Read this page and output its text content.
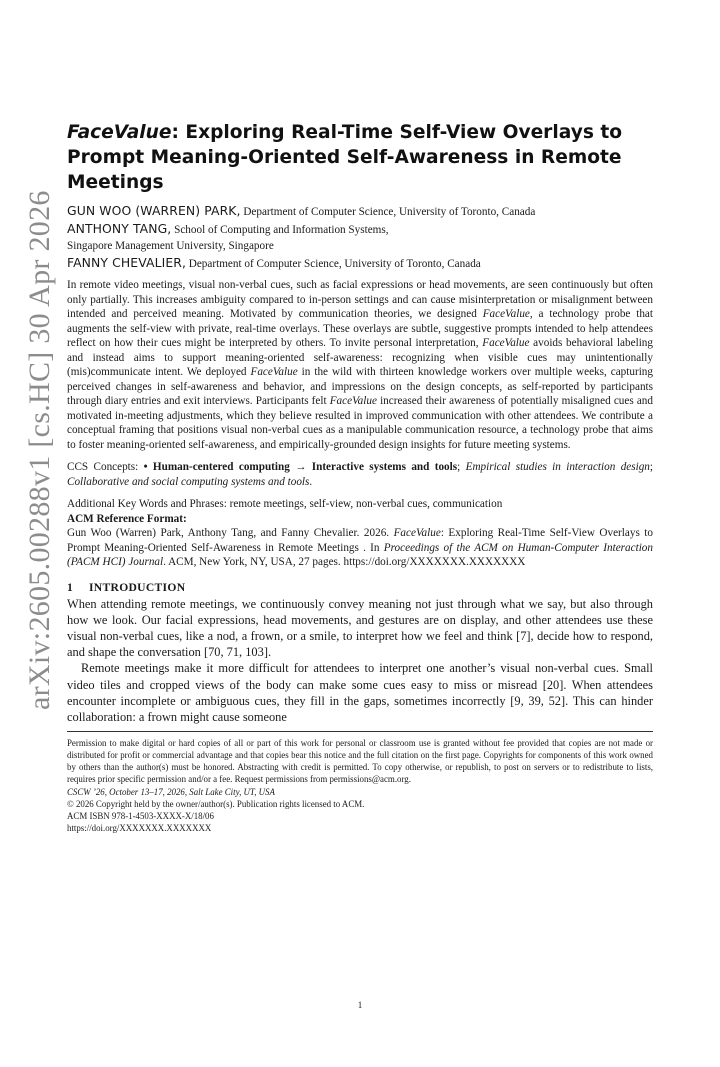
arXiv:2605.00288v1 [cs.HC] 30 Apr 2026
FaceValue: Exploring Real-Time Self-View Overlays to Prompt Meaning-Oriented Self-Awareness in Remote Meetings
GUN WOO (WARREN) PARK, Department of Computer Science, University of Toronto, Canada
ANTHONY TANG, School of Computing and Information Systems,
Singapore Management University, Singapore
FANNY CHEVALIER, Department of Computer Science, University of Toronto, Canada

In remote video meetings, visual non-verbal cues, such as facial expressions or head movements, are seen continuously but often only partially. This increases ambiguity compared to in-person settings and can cause misinterpretation or misalignment between intended and perceived meaning. Motivated by communication theories, we designed FaceValue, a technology probe that augments the self-view with private, real-time overlays. These overlays are subtle, suggestive prompts intended to help attendees reflect on how their cues might be interpreted by others. To invite personal interpretation, FaceValue avoids behavioral labeling and instead aims to support meaning-oriented self-awareness: recognizing when visible cues may unintentionally (mis)communicate intent. We deployed FaceValue in the wild with thirteen knowledge workers over multiple weeks, capturing perceived changes in self-awareness and behavior, and impressions on the design concepts, as self-reported by participants through diary entries and exit interviews. Participants felt FaceValue increased their awareness of potentially misaligned cues and motivated in-meeting adjustments, which they believe resulted in improved communication with other attendees. We contribute a conceptual framing that positions visual non-verbal cues as a manipulable communication resource, a technology probe that aims to foster meaning-oriented self-awareness, and empirically-grounded design insights for future meeting systems.

CCS Concepts: • Human-centered computing → Interactive systems and tools; Empirical studies in interaction design; Collaborative and social computing systems and tools.

Additional Key Words and Phrases: remote meetings, self-view, non-verbal cues, communication

ACM Reference Format:

Gun Woo (Warren) Park, Anthony Tang, and Fanny Chevalier. 2026. FaceValue: Exploring Real-Time Self-View Overlays to Prompt Meaning-Oriented Self-Awareness in Remote Meetings . In Proceedings of the ACM on Human-Computer Interaction (PACM HCI) Journal. ACM, New York, NY, USA, 27 pages. https://doi.org/XXXXXXX.XXXXXXX

1 INTRODUCTION

When attending remote meetings, we continuously convey meaning not just through what we say, but also through how we look. Our facial expressions, head movements, and gestures are on display, and other attendees use these visual non-verbal cues, like a nod, a frown, or a smile, to interpret how we feel and think [7], decide how to respond, and shape the conversation [70, 71, 103].

Remote meetings make it more difficult for attendees to interpret one another’s visual non-verbal cues. Small video tiles and cropped views of the body can make some cues easy to miss or misread [20]. When attendees encounter incomplete or ambiguous cues, they fill in the gaps, sometimes incorrectly [9, 39, 52]. This can hinder collaboration: a frown might cause someone

Permission to make digital or hard copies of all or part of this work for personal or classroom use is granted without fee provided that copies are not made or distributed for profit or commercial advantage and that copies bear this notice and the full citation on the first page. Copyrights for components of this work owned by others than the author(s) must be honored. Abstracting with credit is permitted. To copy otherwise, or republish, to post on servers or to redistribute to lists, requires prior specific permission and/or a fee. Request permissions from permissions@acm.org.

CSCW ’26, October 13–17, 2026, Salt Lake City, UT, USA

© 2026 Copyright held by the owner/author(s). Publication rights licensed to ACM.

ACM ISBN 978-1-4503-XXXX-X/18/06

https://doi.org/XXXXXXX.XXXXXXX

1
